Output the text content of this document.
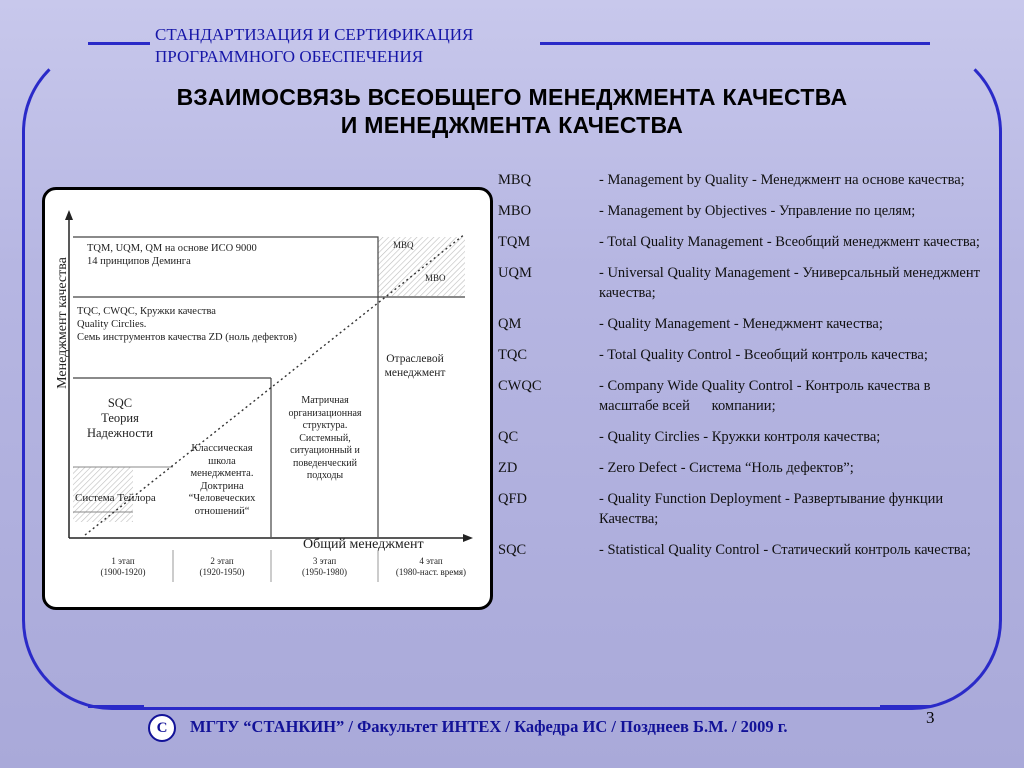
СТАНДАРТИЗАЦИЯ И СЕРТИФИКАЦИЯ
ПРОГРАММНОГО ОБЕСПЕЧЕНИЯ
ВЗАИМОСВЯЗЬ ВСЕОБЩЕГО МЕНЕДЖМЕНТА КАЧЕСТВА
И МЕНЕДЖМЕНТА КАЧЕСТВА
Менеджмент качества
TQM, UQM, QM на основе ИСО 9000
14 принципов Деминга
TQC, CWQC, Кружки качества
Quality Circlies.
Семь инструментов качества ZD (ноль дефектов)
SQC
Теория
Надежности
Система Тейлора
Классическая
школа
менеджмента.
Доктрина
“Человеческих
отношений“
Матричная
организационная
структура.
Системный,
ситуационный и
поведенческий
подходы
Отраслевой
менеджмент
MBQ
MBO
Общий менеджмент
1 этап
(1900-1920)
2 этап
(1920-1950)
3 этап
(1950-1980)
4 этап
(1980-наст. время)
MBQ	- Management by Quality - Менеджмент на основе качества;
MBO	- Management by Objectives - Управление по целям;
TQM	- Total Quality Management - Всеобщий менеджмент качества;
UQM	- Universal Quality Management - Универсальный менеджмент качества;
QM	- Quality Management - Менеджмент качества;
TQC	- Total Quality Control - Всеобщий контроль качества;
CWQC	- Company Wide Quality Control - Контроль качества в масштабе всей      компании;
QC	- Quality Circlies - Кружки контроля качества;
ZD	- Zero Defect - Система “Ноль дефектов”;
QFD	- Quality Function Deployment - Развертывание функции Качества;
SQC	- Statistical Quality Control - Статический контроль качества;
C	МГТУ “СТАНКИН” / Факультет ИНТЕХ / Кафедра ИС / Позднеев Б.М. / 2009 г.	3
